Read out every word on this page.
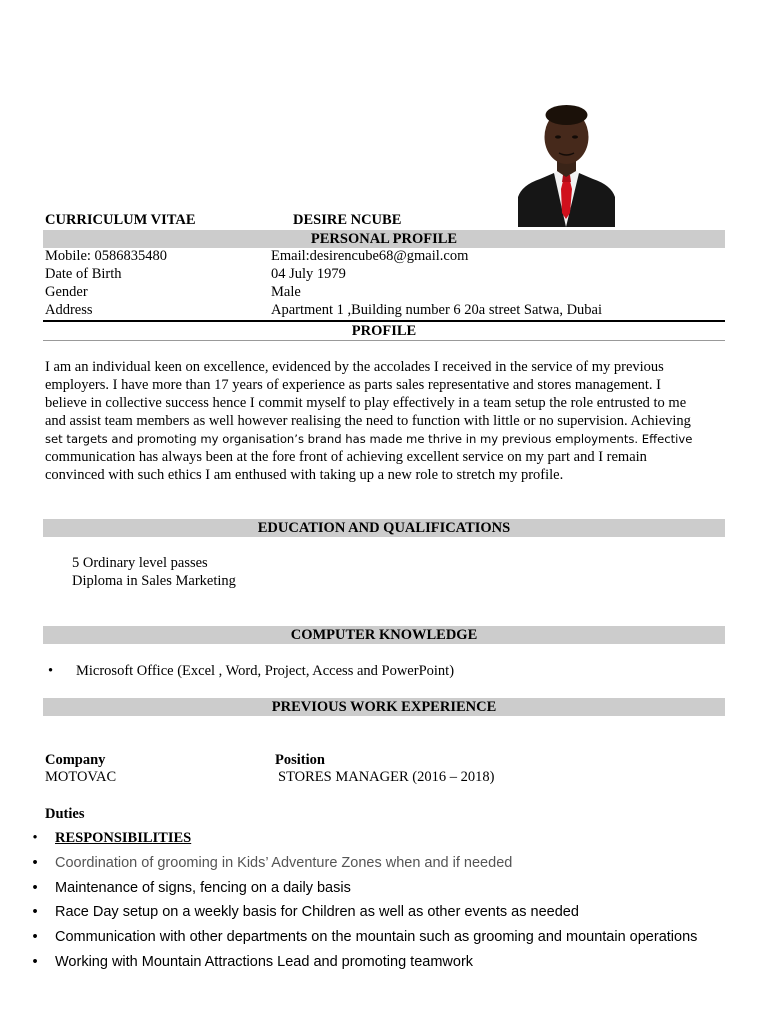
CURRICULUM VITAE	DESIRE NCUBE
PERSONAL PROFILE
Mobile: 0586835480	Email:desirencube68@gmail.com
Date of Birth	04 July 1979
Gender	Male
Address	Apartment 1 ,Building number 6 20a street Satwa, Dubai
PROFILE
I am an individual keen on excellence, evidenced by the accolades I received in the service of my previous
employers. I have more than 17 years of experience as parts sales representative and stores management. I
believe in collective success hence I commit myself to play effectively in a team setup the role entrusted to me
and assist team members as well however realising the need to function with little or no supervision. Achieving
set targets and promoting my organisation’s brand has made me thrive in my previous employments. Effective
communication has always been at the fore front of achieving excellent service on my part and I remain
convinced with such ethics I am enthused with taking up a new role to stretch my profile.
EDUCATION AND QUALIFICATIONS
5 Ordinary level passes
Diploma in Sales Marketing
COMPUTER KNOWLEDGE
• Microsoft Office (Excel , Word, Project, Access and PowerPoint)
PREVIOUS WORK EXPERIENCE
Company	Position
MOTOVAC	STORES MANAGER (2016 – 2018)
Duties
• RESPONSIBILITIES
• Coordination of grooming in Kids’ Adventure Zones when and if needed
• Maintenance of signs, fencing on a daily basis
• Race Day setup on a weekly basis for Children as well as other events as needed
• Communication with other departments on the mountain such as grooming and mountain operations
• Working with Mountain Attractions Lead and promoting teamwork
